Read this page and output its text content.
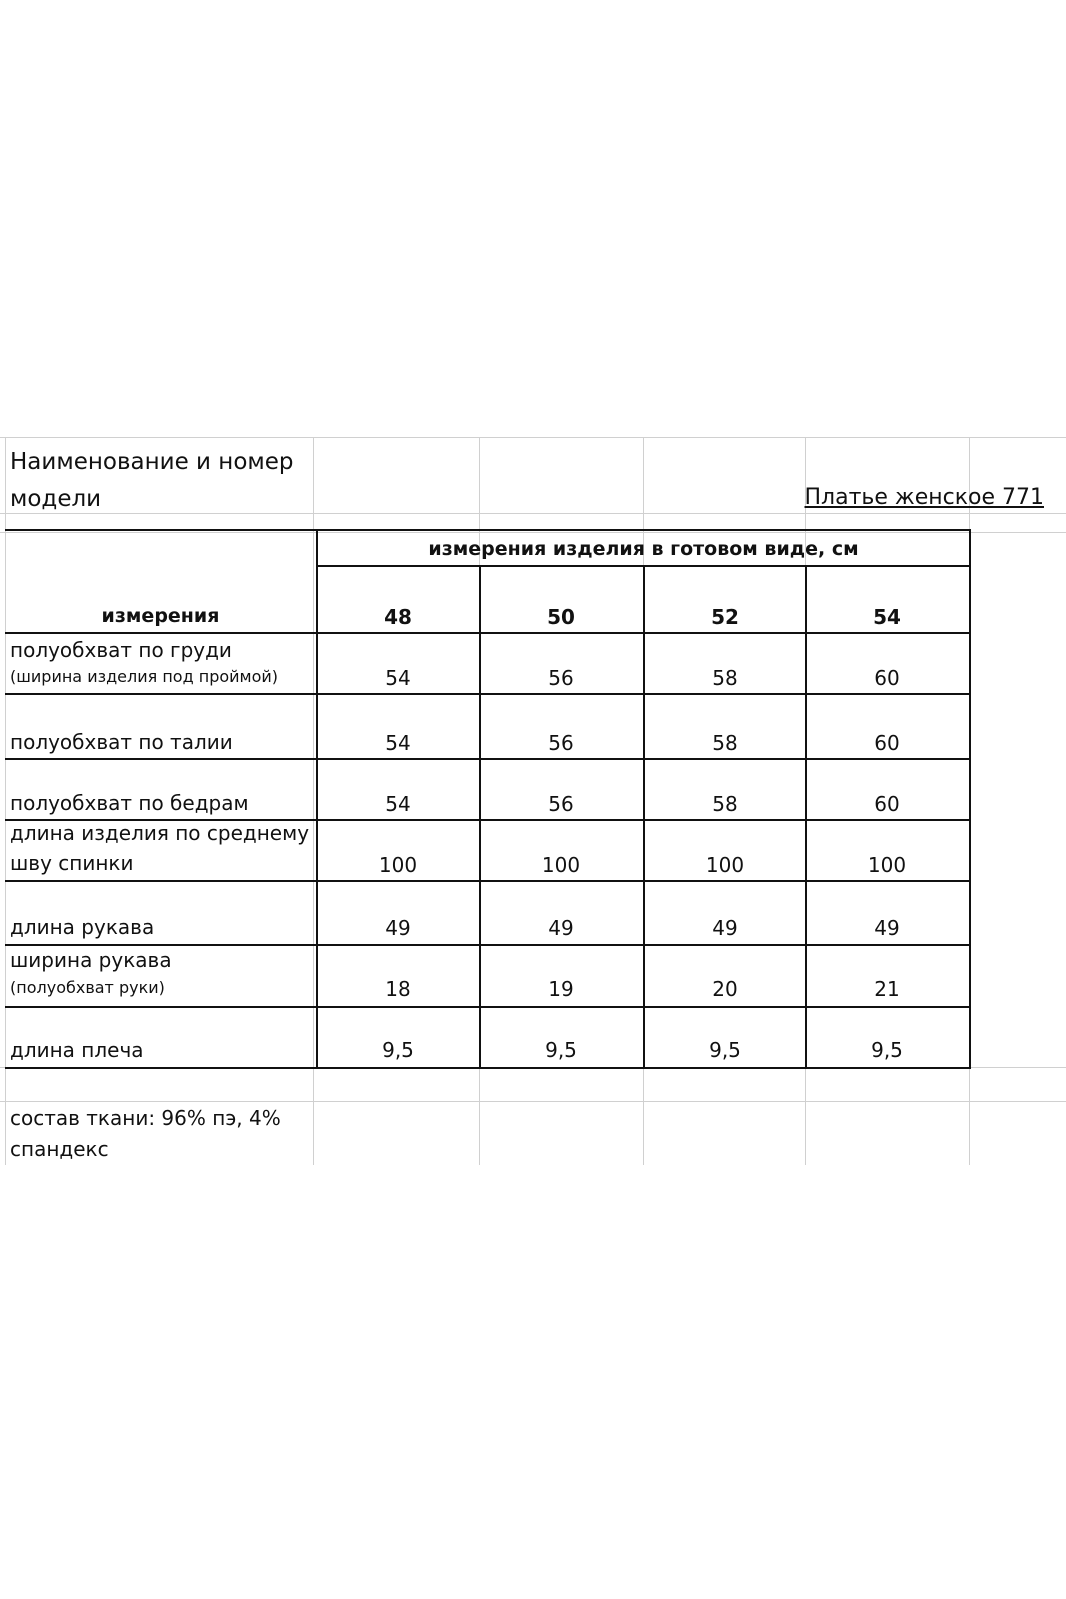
Наименование и номер
модели	Платье женское 771
измерения изделия в готовом виде, см
измерения	48	50	52	54
полуобхват по груди
(ширина изделия под проймой)	54	56	58	60
полуобхват по талии	54	56	58	60
полуобхват по бедрам	54	56	58	60
длина изделия по среднему
шву спинки	100	100	100	100
длина рукава	49	49	49	49
ширина рукава
(полуобхват руки)	18	19	20	21
длина плеча	9,5	9,5	9,5	9,5
состав ткани: 96% пэ, 4%
спандекс
